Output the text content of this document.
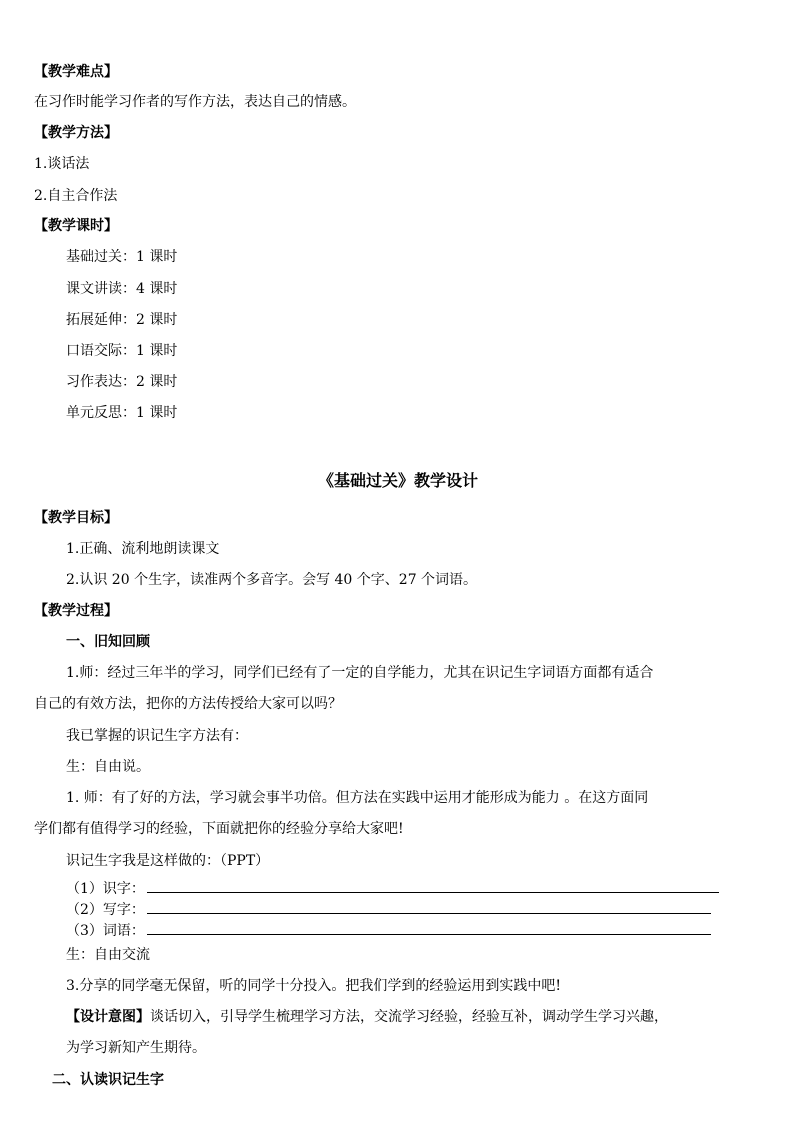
【教学难点】
在习作时能学习作者的写作方法，表达自己的情感。
【教学方法】
1.谈话法
2.自主合作法
【教学课时】
基础过关：1 课时
课文讲读：4 课时
拓展延伸：2 课时
口语交际：1 课时
习作表达：2 课时
单元反思：1 课时
《基础过关》教学设计
【教学目标】
1.正确、流利地朗读课文
2.认识 20 个生字，读准两个多音字。会写 40 个字、27 个词语。
【教学过程】
一、旧知回顾
1.师：经过三年半的学习，同学们已经有了一定的自学能力，尤其在识记生字词语方面都有适合
自己的有效方法，把你的方法传授给大家可以吗？
我已掌握的识记生字方法有：
生：自由说。
1. 师：有了好的方法，学习就会事半功倍。但方法在实践中运用才能形成为能力 。在这方面同
学们都有值得学习的经验，下面就把你的经验分享给大家吧!
识记生字我是这样做的：（PPT）
（1）识字：
（2）写字：
（3）词语：
生：自由交流
3.分享的同学毫无保留，听的同学十分投入。把我们学到的经验运用到实践中吧!
【设计意图】谈话切入，引导学生梳理学习方法，交流学习经验，经验互补，调动学生学习兴趣，
为学习新知产生期待。
二、认读识记生字
